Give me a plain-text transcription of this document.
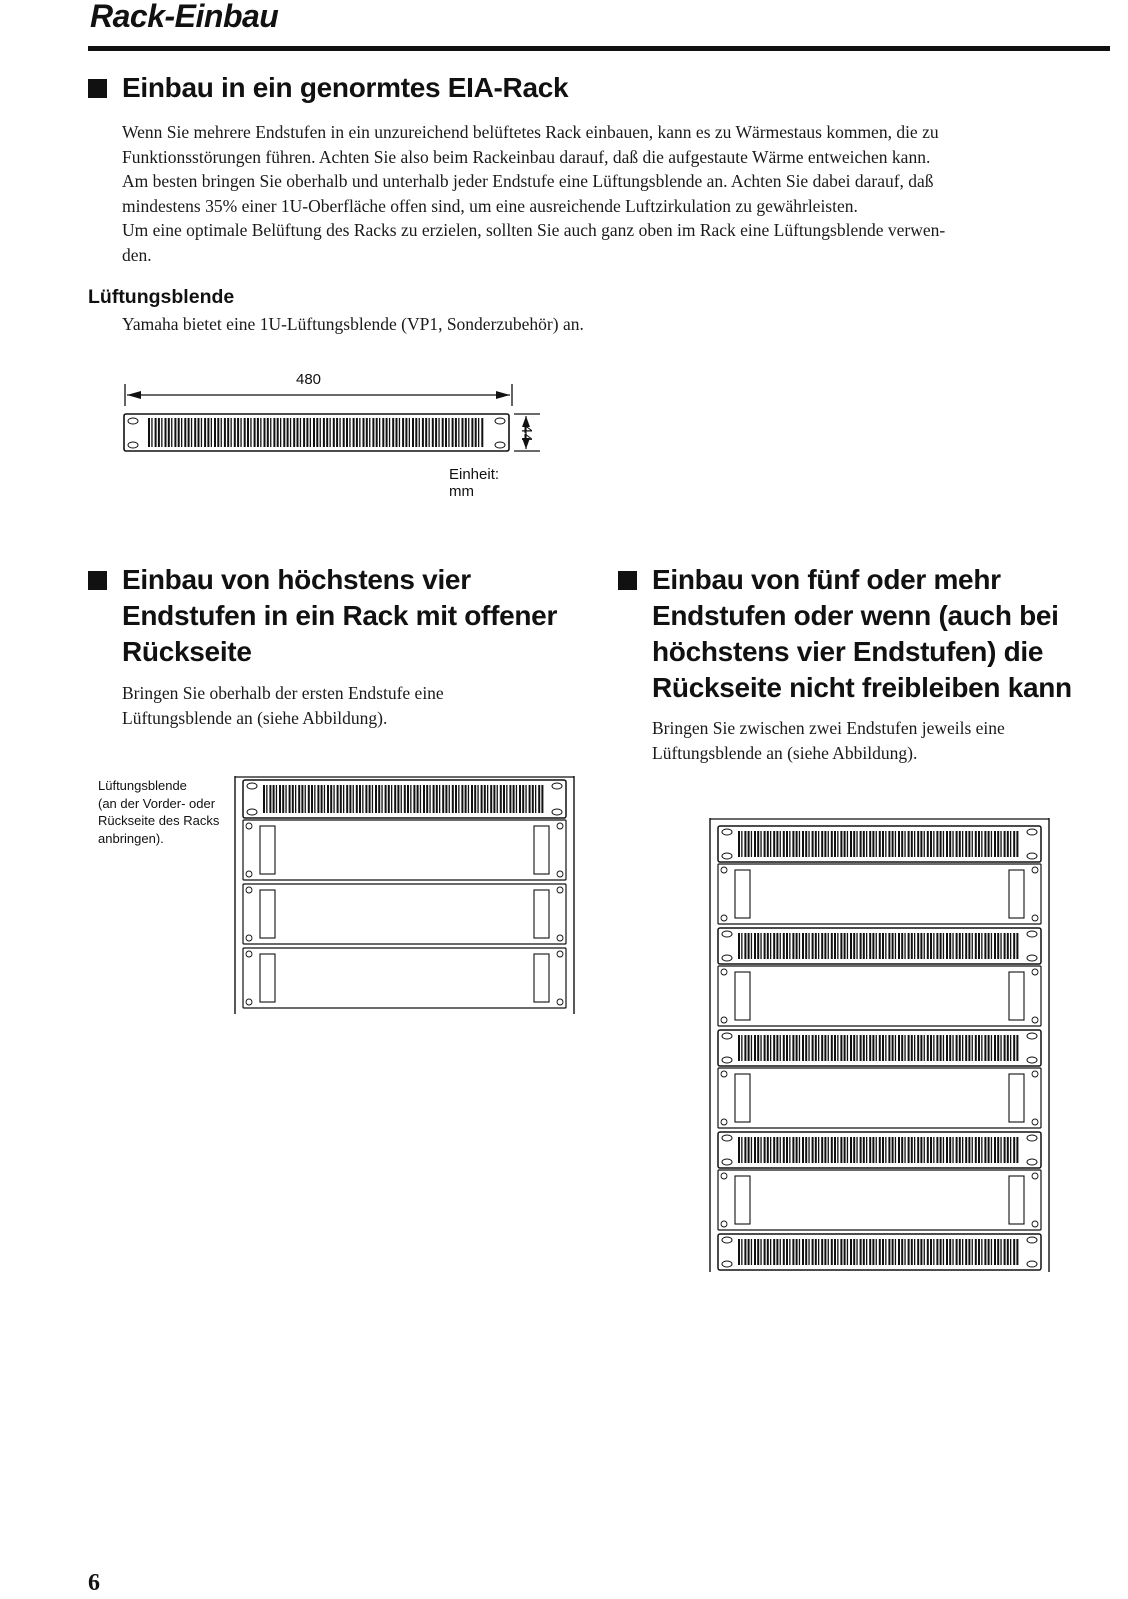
Rack-Einbau
Einbau in ein genormtes EIA-Rack

Wenn Sie mehrere Endstufen in ein unzureichend belüftetes Rack einbauen, kann es zu Wärmestaus kommen, die zu

Funktionsstörungen führen. Achten Sie also beim Rackeinbau darauf, daß die aufgestaute Wärme entweichen kann.

Am besten bringen Sie oberhalb und unterhalb jeder Endstufe eine Lüftungsblende an. Achten Sie dabei darauf, daß

mindestens 35% einer 1U-Oberfläche offen sind, um eine ausreichende Luftzirkulation zu gewährleisten.

Um eine optimale Belüftung des Racks zu erzielen, sollten Sie auch ganz oben im Rack eine Lüftungsblende verwen-

den.

Lüftungsblende
Yamaha bietet eine 1U-Lüftungsblende (VP1, Sonderzubehör) an.
480
44
Einheit: mm
Einbau von höchstens vier
Endstufen in ein Rack mit offener
Rückseite

Bringen Sie oberhalb der ersten Endstufe eine

Lüftungsblende an (siehe Abbildung).

Lüftungsblende
(an der Vorder- oder
Rückseite des Racks
anbringen).
Einbau von fünf oder mehr
Endstufen oder wenn (auch bei
höchstens vier Endstufen) die
Rückseite nicht freibleiben kann

Bringen Sie zwischen zwei Endstufen jeweils eine

Lüftungsblende an (siehe Abbildung).

6
